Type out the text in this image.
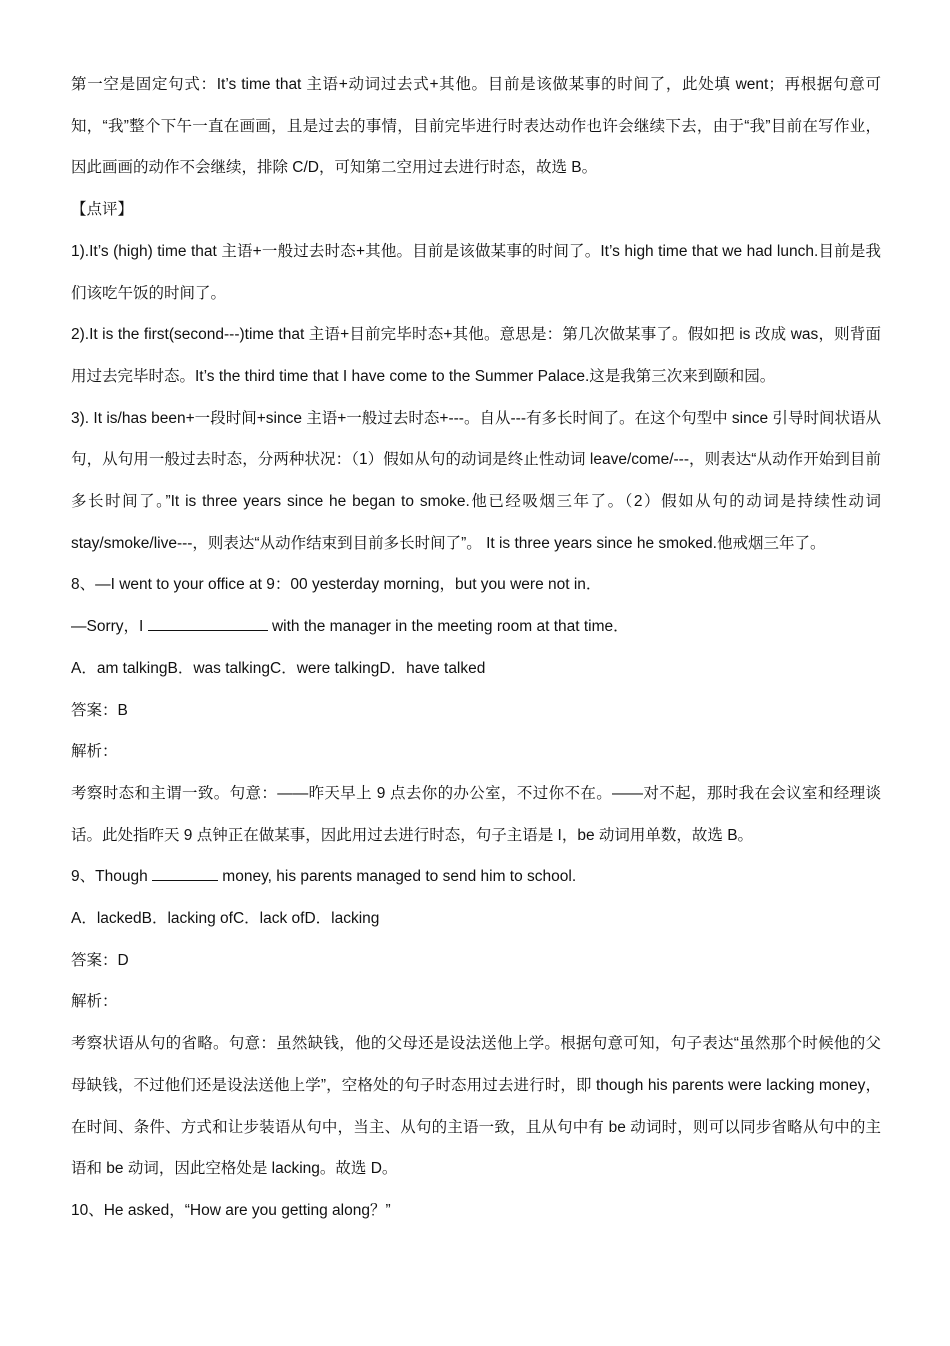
第一空是固定句式：It’s time that 主语+动词过去式+其他。目前是该做某事的时间了，此处填 went；再根据句意可知，“我”整个下午一直在画画，且是过去的事情，目前完毕进行时表达动作也许会继续下去，由于“我”目前在写作业，因此画画的动作不会继续，排除 C/D，可知第二空用过去进行时态，故选 B。

【点评】

1).It’s (high) time that 主语+一般过去时态+其他。目前是该做某事的时间了。It’s high time that we had lunch.目前是我们该吃午饭的时间了。

2).It is the first(second---)time that 主语+目前完毕时态+其他。意思是：第几次做某事了。假如把 is 改成 was，则背面用过去完毕时态。It’s the third time that I have come to the Summer Palace.这是我第三次来到颐和园。

3). It is/has been+一段时间+since 主语+一般过去时态+---。自从---有多长时间了。在这个句型中 since 引导时间状语从句，从句用一般过去时态，分两种状况：（1）假如从句的动词是终止性动词 leave/come/---，则表达“从动作开始到目前多长时间了。”It is three years since he began to smoke.他已经吸烟三年了。（2）假如从句的动词是持续性动词 stay/smoke/live---，则表达“从动作结束到目前多长时间了”。 It is three years since he smoked.他戒烟三年了。

8、—I went to your office at 9：00 yesterday morning，but you were not in．

—Sorry，I	with the manager in the meeting room at that time．

A．am talkingB．was talkingC．were talkingD．have talked

答案：B

解析：

考察时态和主谓一致。句意：——昨天早上 9 点去你的办公室，不过你不在。——对不起，那时我在会议室和经理谈话。此处指昨天 9 点钟正在做某事，因此用过去进行时态，句子主语是 I，be 动词用单数，故选 B。

9、Though	money, his parents managed to send him to school.

A．lackedB．lacking ofC．lack ofD．lacking

答案：D

解析：

考察状语从句的省略。句意：虽然缺钱，他的父母还是设法送他上学。根据句意可知，句子表达“虽然那个时候他的父母缺钱，不过他们还是设法送他上学”，空格处的句子时态用过去进行时，即 though his parents were lacking money，在时间、条件、方式和让步装语从句中，当主、从句的主语一致，且从句中有 be 动词时，则可以同步省略从句中的主语和 be 动词，因此空格处是 lacking。故选 D。

10、He asked，“How are you getting along？”
